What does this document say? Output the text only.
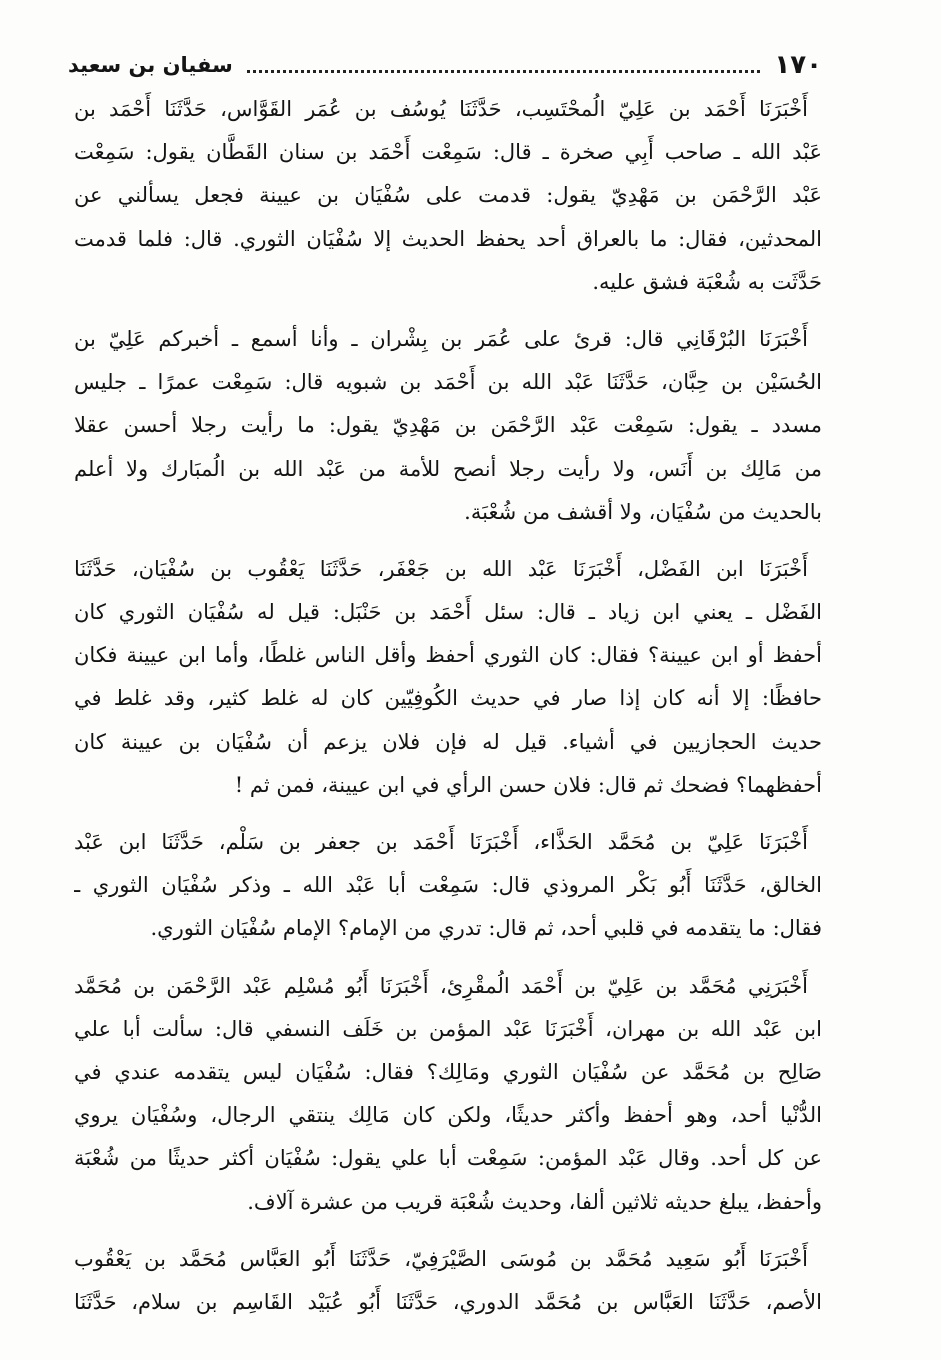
١٧٠
سفيان بن سعيد
أَخْبَرَنَا أَحْمَد بن عَلِيّ الُمحْتَسِب، حَدَّثَنَا يُوسُف بن عُمَر القَوَّاس، حَدَّثَنَا أَحْمَد بن
عَبْد الله ـ صاحب أَبِي صخرة ـ قال: سَمِعْت أَحْمَد بن سنان القَطَّان يقول: سَمِعْت
عَبْد الرَّحْمَن بن مَهْدِيّ يقول: قدمت على سُفْيَان بن عيينة فجعل يسألني عن
المحدثين، فقال: ما بالعراق أحد يحفظ الحديث إلا سُفْيَان الثوري. قال: فلما قدمت
حَدَّثَت به شُعْبَة فشق عليه.
أَخْبَرَنَا البُرْقَانِي قال: قرئ على عُمَر بن بِشْران ـ وأنا أسمع ـ أخبركم عَلِيّ بن
الحُسَيْن بن حِبَّان، حَدَّثَنَا عَبْد الله بن أَحْمَد بن شبويه قال: سَمِعْت عمرًا ـ جليس
مسدد ـ يقول: سَمِعْت عَبْد الرَّحْمَن بن مَهْدِيّ يقول: ما رأيت رجلا أحسن عقلا
من مَالِك بن أَنَس، ولا رأيت رجلا أنصح للأمة من عَبْد الله بن الُمبَارك ولا أعلم
بالحديث من سُفْيَان، ولا أقشف من شُعْبَة.
أَخْبَرَنَا ابن الفَضْل، أَخْبَرَنَا عَبْد الله بن جَعْفَر، حَدَّثَنَا يَعْقُوب بن سُفْيَان، حَدَّثَنَا
الفَضْل ـ يعني ابن زياد ـ قال: سئل أَحْمَد بن حَنْبَل: قيل له سُفْيَان الثوري كان
أحفظ أو ابن عيينة؟ فقال: كان الثوري أحفظ وأقل الناس غلطًا، وأما ابن عيينة فكان
حافظًا: إلا أنه كان إذا صار في حديث الكُوفِيّين كان له غلط كثير، وقد غلط في
حديث الحجازيين في أشياء. قيل له فإن فلان يزعم أن سُفْيَان بن عيينة كان
أحفظهما؟ فضحك ثم قال: فلان حسن الرأي في ابن عيينة، فمن ثم !
أَخْبَرَنَا عَلِيّ بن مُحَمَّد الحَذَّاء، أَخْبَرَنَا أَحْمَد بن جعفر بن سَلْم، حَدَّثَنَا ابن عَبْد
الخالق، حَدَّثَنَا أَبُو بَكْر المروذي قال: سَمِعْت أبا عَبْد الله ـ وذكر سُفْيَان الثوري ـ
فقال: ما يتقدمه في قلبي أحد، ثم قال: تدري من الإمام؟ الإمام سُفْيَان الثوري.
أَخْبَرَنِي مُحَمَّد بن عَلِيّ بن أَحْمَد الُمقْرِئ، أَخْبَرَنَا أَبُو مُسْلِم عَبْد الرَّحْمَن بن مُحَمَّد
ابن عَبْد الله بن مهران، أَخْبَرَنَا عَبْد المؤمن بن خَلَف النسفي قال: سألت أبا علي
صَالِح بن مُحَمَّد عن سُفْيَان الثوري ومَالِك؟ فقال: سُفْيَان ليس يتقدمه عندي في
الدُّنْيا أحد، وهو أحفظ وأكثر حديثًا، ولكن كان مَالِك ينتقي الرجال، وسُفْيَان يروي
عن كل أحد. وقال عَبْد المؤمن: سَمِعْت أبا علي يقول: سُفْيَان أكثر حديثًا من شُعْبَة
وأحفظ، يبلغ حديثه ثلاثين ألفا، وحديث شُعْبَة قريب من عشرة آلاف.
أَخْبَرَنَا أَبُو سَعِيد مُحَمَّد بن مُوسَى الصَّيْرَفِيّ، حَدَّثَنَا أَبُو العَبَّاس مُحَمَّد بن يَعْقُوب
الأصم، حَدَّثَنَا العَبَّاس بن مُحَمَّد الدوري، حَدَّثَنَا أَبُو عُبَيْد القَاسِم بن سلام، حَدَّثَنَا
